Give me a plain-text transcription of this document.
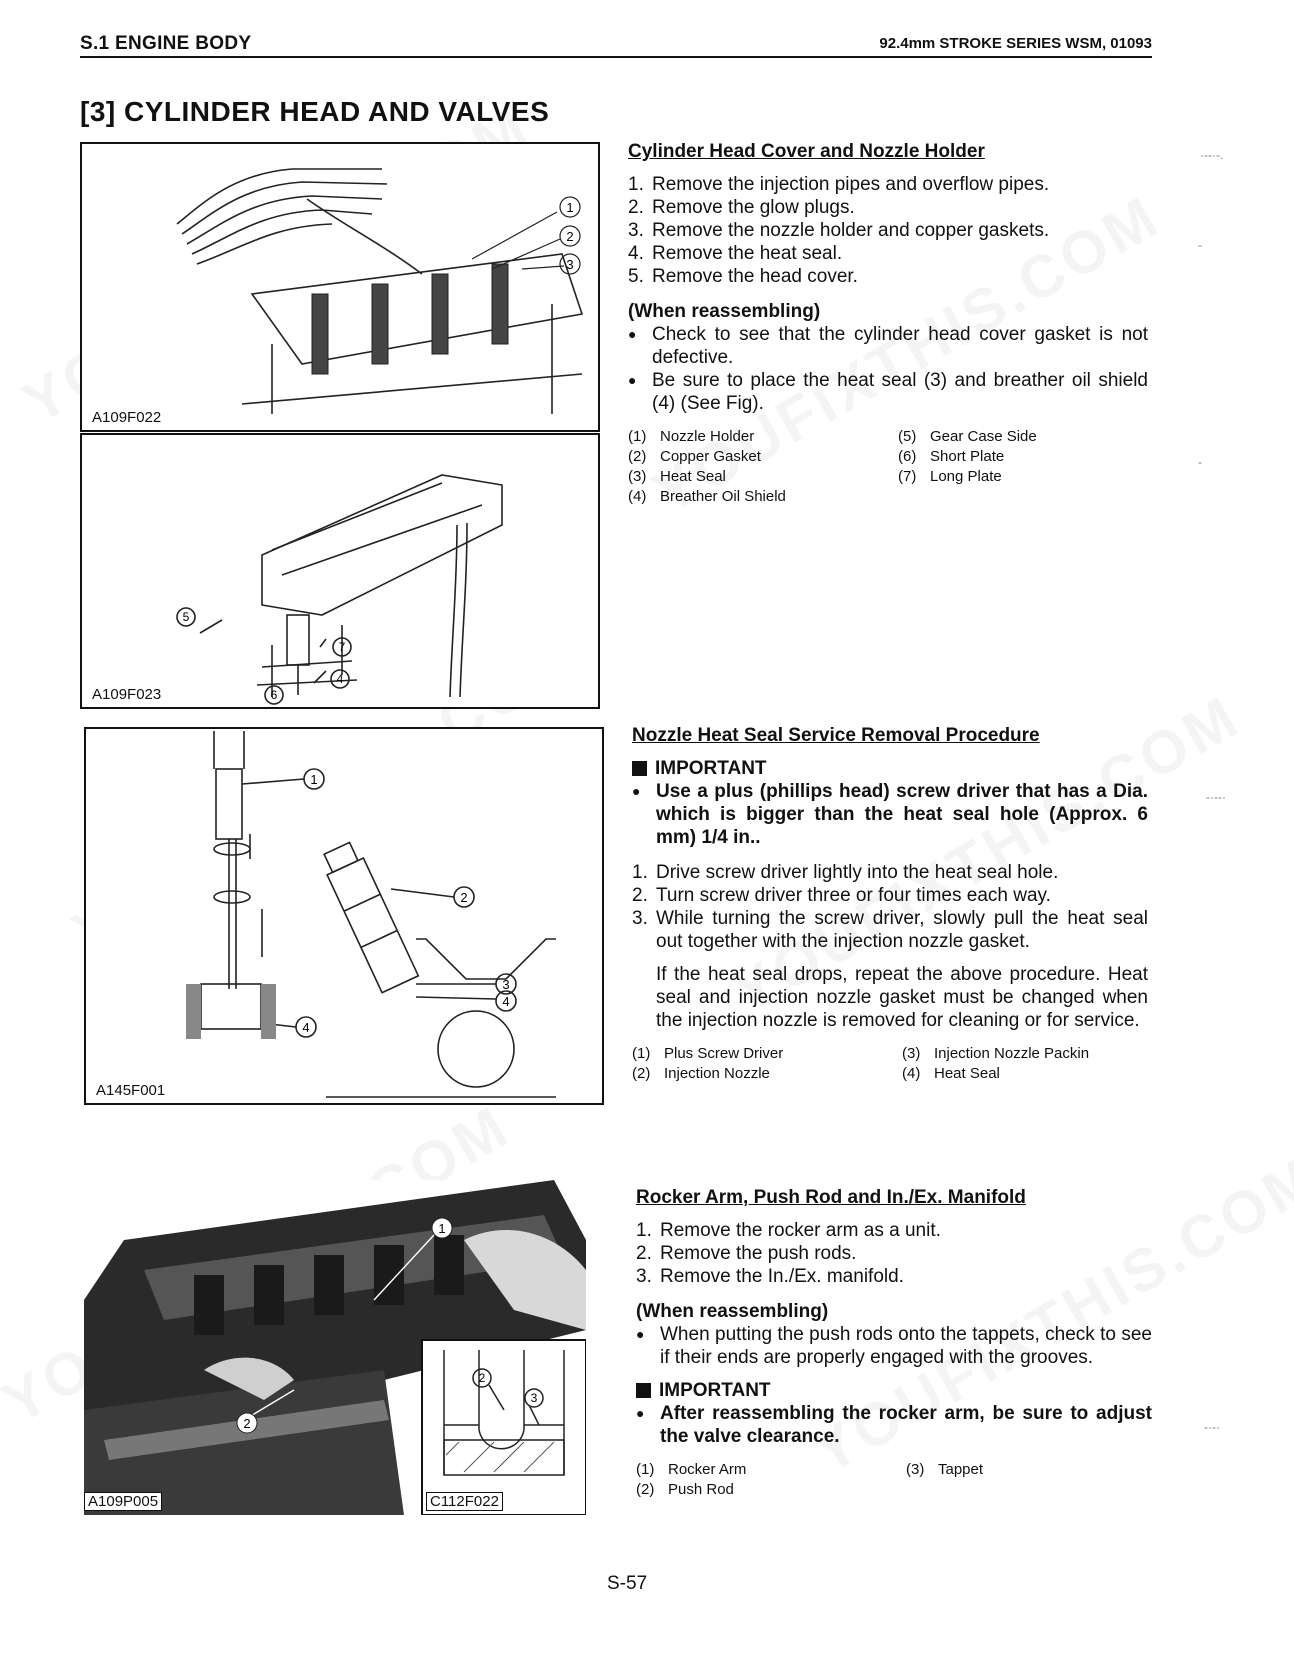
S.1 ENGINE BODY	92.4mm STROKE SERIES WSM, 01093
[3] CYLINDER HEAD AND VALVES
1
2
3
A109F022
5
7
4
6
A109F023
1
2
3
4
4
A145F001
1
2
2
3
A109P005	C112F022
Cylinder Head Cover and Nozzle Holder
1. Remove the injection pipes and overflow pipes.
2. Remove the glow plugs.
3. Remove the nozzle holder and copper gaskets.
4. Remove the heat seal.
5. Remove the head cover.
(When reassembling)
● Check to see that the cylinder head cover gasket is not defective.
● Be sure to place the heat seal (3) and breather oil shield (4) (See Fig).
(1) Nozzle Holder
(2) Copper Gasket
(3) Heat Seal
(4) Breather Oil Shield
(5) Gear Case Side
(6) Short Plate
(7) Long Plate
Nozzle Heat Seal Service Removal Procedure
IMPORTANT
● Use a plus (phillips head) screw driver that has a Dia. which is bigger than the heat seal hole (Approx. 6 mm) 1/4 in..
1. Drive screw driver lightly into the heat seal hole.
2. Turn screw driver three or four times each way.
3. While turning the screw driver, slowly pull the heat seal out together with the injection nozzle gasket.
If the heat seal drops, repeat the above procedure. Heat seal and injection nozzle gasket must be changed when the injection nozzle is removed for cleaning or for service.
(1) Plus Screw Driver
(2) Injection Nozzle
(3) Injection Nozzle Packin
(4) Heat Seal
Rocker Arm, Push Rod and In./Ex. Manifold
1. Remove the rocker arm as a unit.
2. Remove the push rods.
3. Remove the In./Ex. manifold.
(When reassembling)
● When putting the push rods onto the tappets, check to see if their ends are properly engaged with the grooves.
IMPORTANT
● After reassembling the rocker arm, be sure to adjust the valve clearance.
(1) Rocker Arm
(2) Push Rod
(3) Tappet
·--·-.
-
-
-·--·
-·-·
S-57
